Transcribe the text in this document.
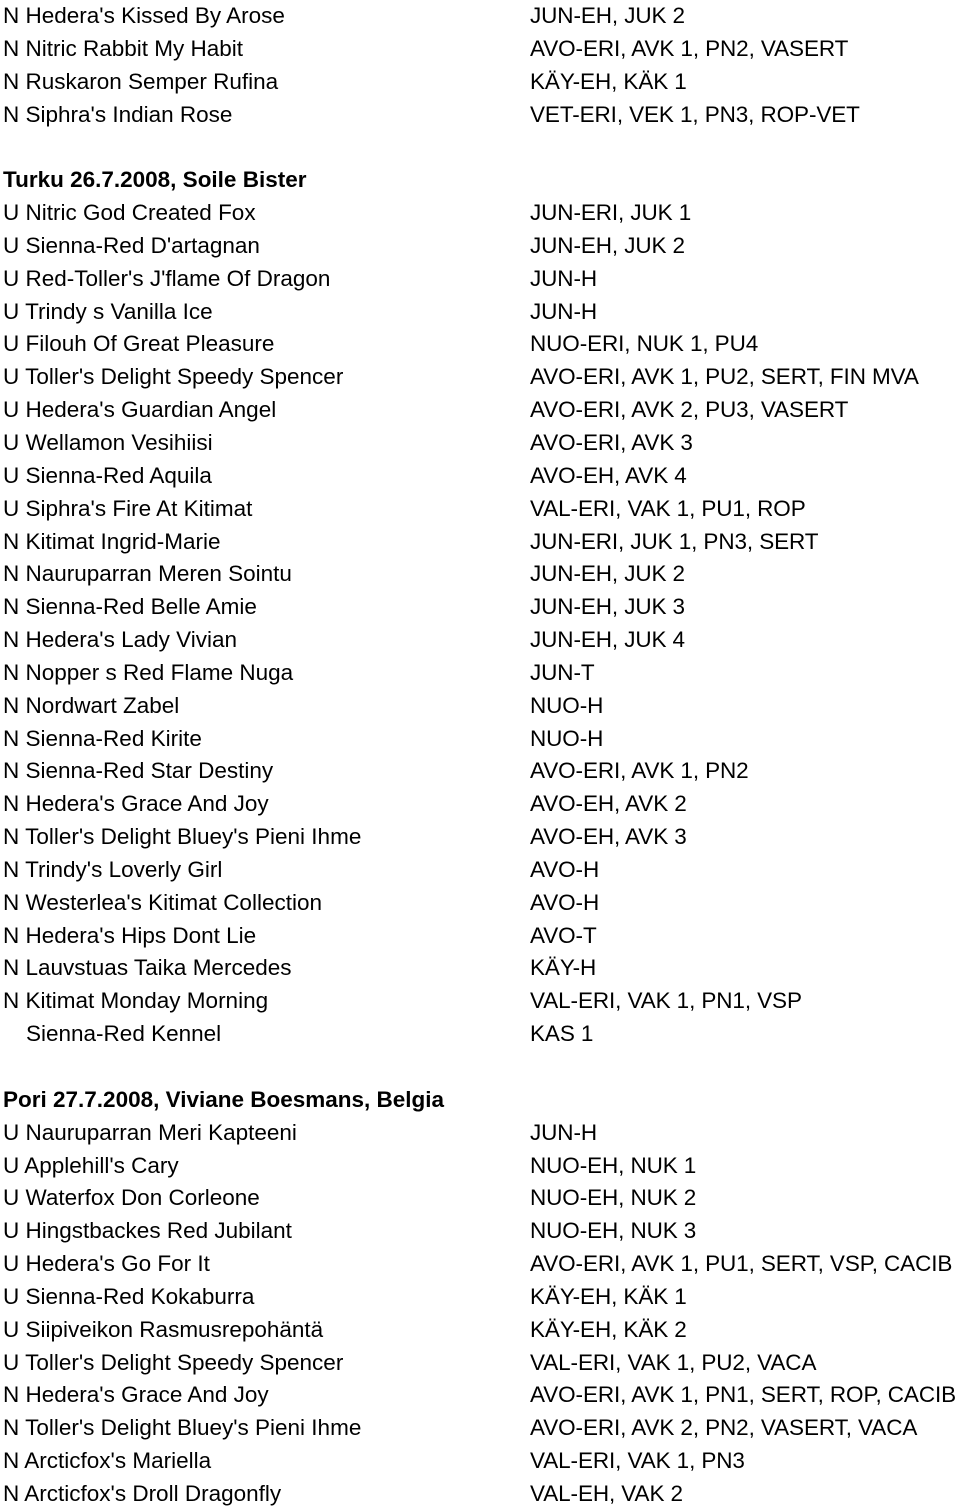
N Hedera's Kissed By Arose	JUN-EH, JUK 2
N Nitric Rabbit My Habit	AVO-ERI, AVK 1, PN2, VASERT
N Ruskaron Semper Rufina	KÄY-EH, KÄK 1
N Siphra's Indian Rose	VET-ERI, VEK 1, PN3, ROP-VET
Turku 26.7.2008, Soile Bister
U Nitric God Created Fox	JUN-ERI, JUK 1
U Sienna-Red D'artagnan	JUN-EH, JUK 2
U Red-Toller's J'flame Of Dragon	JUN-H
U Trindy s Vanilla Ice	JUN-H
U Filouh Of Great Pleasure	NUO-ERI, NUK 1, PU4
U Toller's Delight Speedy Spencer	AVO-ERI, AVK 1, PU2, SERT, FIN MVA
U Hedera's Guardian Angel	AVO-ERI, AVK 2, PU3, VASERT
U Wellamon Vesihiisi	AVO-ERI, AVK 3
U Sienna-Red Aquila	AVO-EH, AVK 4
U Siphra's Fire At Kitimat	VAL-ERI, VAK 1, PU1, ROP
N Kitimat Ingrid-Marie	JUN-ERI, JUK 1, PN3, SERT
N Nauruparran Meren Sointu	JUN-EH, JUK 2
N Sienna-Red Belle Amie	JUN-EH, JUK 3
N Hedera's Lady Vivian	JUN-EH, JUK 4
N Nopper s Red Flame Nuga	JUN-T
N Nordwart Zabel	NUO-H
N Sienna-Red Kirite	NUO-H
N Sienna-Red Star Destiny	AVO-ERI, AVK 1, PN2
N Hedera's Grace And Joy	AVO-EH, AVK 2
N Toller's Delight Bluey's Pieni Ihme	AVO-EH, AVK 3
N Trindy's Loverly Girl	AVO-H
N Westerlea's Kitimat Collection	AVO-H
N Hedera's Hips Dont Lie	AVO-T
N Lauvstuas Taika Mercedes	KÄY-H
N Kitimat Monday Morning	VAL-ERI, VAK 1, PN1, VSP
Sienna-Red Kennel	KAS 1
Pori 27.7.2008, Viviane Boesmans, Belgia
U Nauruparran Meri Kapteeni	JUN-H
U Applehill's Cary	NUO-EH, NUK 1
U Waterfox Don Corleone	NUO-EH, NUK 2
U Hingstbackes Red Jubilant	NUO-EH, NUK 3
U Hedera's Go For It	AVO-ERI, AVK 1, PU1, SERT, VSP, CACIB
U Sienna-Red Kokaburra	KÄY-EH, KÄK 1
U Siipiveikon Rasmusrepohäntä	KÄY-EH, KÄK 2
U Toller's Delight Speedy Spencer	VAL-ERI, VAK 1, PU2, VACA
N Hedera's Grace And Joy	AVO-ERI, AVK 1, PN1, SERT, ROP, CACIB
N Toller's Delight Bluey's Pieni Ihme	AVO-ERI, AVK 2, PN2, VASERT, VACA
N Arcticfox's Mariella	VAL-ERI, VAK 1, PN3
N Arcticfox's Droll Dragonfly	VAL-EH, VAK 2
